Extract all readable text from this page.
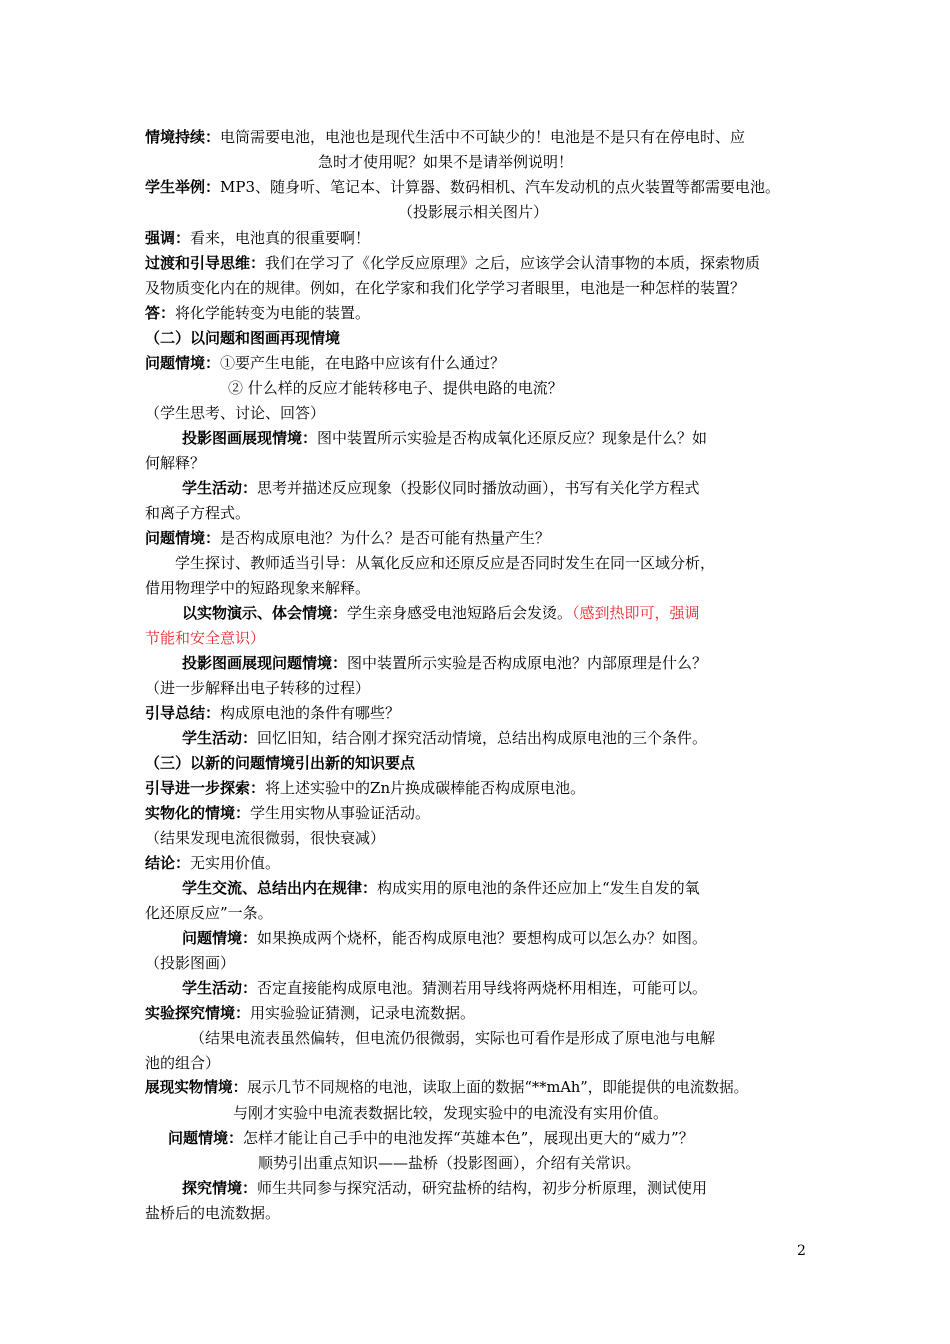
情境持续：电筒需要电池，电池也是现代生活中不可缺少的！电池是不是只有在停电时、应
急时才使用呢？如果不是请举例说明！
学生举例：MP3、随身听、笔记本、计算器、数码相机、汽车发动机的点火装置等都需要电池。
（投影展示相关图片）
强调：看来，电池真的很重要啊！
过渡和引导思维：我们在学习了《化学反应原理》之后，应该学会认清事物的本质，探索物质
及物质变化内在的规律。例如，在化学家和我们化学学习者眼里，电池是一种怎样的装置？
答：将化学能转变为电能的装置。
（二）以问题和图画再现情境
问题情境：①要产生电能，在电路中应该有什么通过？
② 什么样的反应才能转移电子、提供电路的电流？
（学生思考、讨论、回答）
投影图画展现情境：图中装置所示实验是否构成氧化还原反应？现象是什么？如
何解释？
学生活动：思考并描述反应现象（投影仪同时播放动画），书写有关化学方程式
和离子方程式。
问题情境：是否构成原电池？为什么？是否可能有热量产生？
学生探讨、教师适当引导：从氧化反应和还原反应是否同时发生在同一区域分析，
借用物理学中的短路现象来解释。
以实物演示、体会情境：学生亲身感受电池短路后会发烫。（感到热即可，强调
节能和安全意识）
投影图画展现问题情境：图中装置所示实验是否构成原电池？内部原理是什么？
（进一步解释出电子转移的过程）
引导总结：构成原电池的条件有哪些？
学生活动：回忆旧知，结合刚才探究活动情境，总结出构成原电池的三个条件。
（三）以新的问题情境引出新的知识要点
引导进一步探索：将上述实验中的Zn片换成碳棒能否构成原电池。
实物化的情境：学生用实物从事验证活动。
（结果发现电流很微弱，很快衰减）
结论：无实用价值。
学生交流、总结出内在规律：构成实用的原电池的条件还应加上“发生自发的氧
化还原反应”一条。
问题情境：如果换成两个烧杯，能否构成原电池？要想构成可以怎么办？如图。
（投影图画）
学生活动：否定直接能构成原电池。猜测若用导线将两烧杯用相连，可能可以。
实验探究情境：用实验验证猜测，记录电流数据。
（结果电流表虽然偏转，但电流仍很微弱，实际也可看作是形成了原电池与电解
池的组合）
展现实物情境：展示几节不同规格的电池，读取上面的数据“**mAh”，即能提供的电流数据。
与刚才实验中电流表数据比较，发现实验中的电流没有实用价值。
问题情境：怎样才能让自己手中的电池发挥“英雄本色”，展现出更大的“威力”？
顺势引出重点知识——盐桥（投影图画），介绍有关常识。
探究情境：师生共同参与探究活动，研究盐桥的结构，初步分析原理，测试使用
盐桥后的电流数据。
2
